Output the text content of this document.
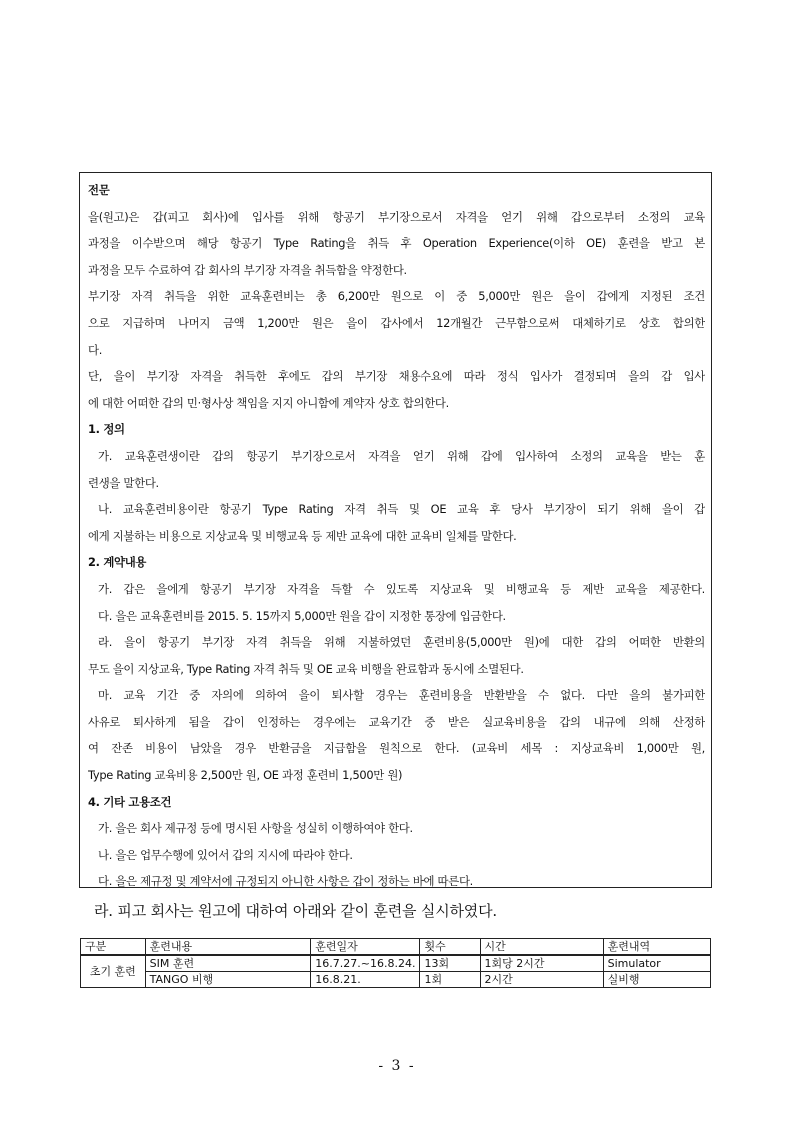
전문
을(원고)은 갑(피고 회사)에 입사를 위해 항공기 부기장으로서 자격을 얻기 위해 갑으로부터 소정의 교육
과정을 이수받으며 해당 항공기 Type Rating을 취득 후 Operation Experience(이하 OE) 훈련을 받고 본
과정을 모두 수료하여 갑 회사의 부기장 자격을 취득함을 약정한다.
부기장 자격 취득을 위한 교육훈련비는 총 6,200만 원으로 이 중 5,000만 원은 을이 갑에게 지정된 조건
으로 지급하며 나머지 금액 1,200만 원은 을이 갑사에서 12개월간 근무함으로써 대체하기로 상호 합의한
다.
단, 을이 부기장 자격을 취득한 후에도 갑의 부기장 채용수요에 따라 정식 입사가 결정되며 을의 갑 입사
에 대한 어떠한 갑의 민·형사상 책임을 지지 아니함에 계약자 상호 합의한다.
1. 정의
가. 교육훈련생이란 갑의 항공기 부기장으로서 자격을 얻기 위해 갑에 입사하여 소정의 교육을 받는 훈
련생을 말한다.
나. 교육훈련비용이란 항공기 Type Rating 자격 취득 및 OE 교육 후 당사 부기장이 되기 위해 을이 갑
에게 지불하는 비용으로 지상교육 및 비행교육 등 제반 교육에 대한 교육비 일체를 말한다.
2. 계약내용
가. 갑은 을에게 항공기 부기장 자격을 득할 수 있도록 지상교육 및 비행교육 등 제반 교육을 제공한다.
다. 을은 교육훈련비를 2015. 5. 15까지 5,000만 원을 갑이 지정한 통장에 입금한다.
라. 을이 항공기 부기장 자격 취득을 위해 지불하였던 훈련비용(5,000만 원)에 대한 갑의 어떠한 반환의
무도 을이 지상교육, Type Rating 자격 취득 및 OE 교육 비행을 완료함과 동시에 소멸된다.
마. 교육 기간 중 자의에 의하여 을이 퇴사할 경우는 훈련비용을 반환받을 수 없다. 다만 을의 불가피한
사유로 퇴사하게 됨을 갑이 인정하는 경우에는 교육기간 중 받은 실교육비용을 갑의 내규에 의해 산정하
여 잔존 비용이 남았을 경우 반환금을 지급함을 원칙으로 한다. (교육비 세목 : 지상교육비 1,000만 원,
Type Rating 교육비용 2,500만 원, OE 과정 훈련비 1,500만 원)
4. 기타 고용조건
가. 을은 회사 제규정 등에 명시된 사항을 성실히 이행하여야 한다.
나. 을은 업무수행에 있어서 갑의 지시에 따라야 한다.
다. 을은 제규정 및 계약서에 규정되지 아니한 사항은 갑이 정하는 바에 따른다.
라. 피고 회사는 원고에 대하여 아래와 같이 훈련을 실시하였다.
구분	훈련내용	훈련일자	횟수	시간	훈련내역
초기 훈련	SIM 훈련	16.7.27.~16.8.24.	13회	1회당 2시간	Simulator
	TANGO 비행	16.8.21.	1회	2시간	실비행
- 3 -
